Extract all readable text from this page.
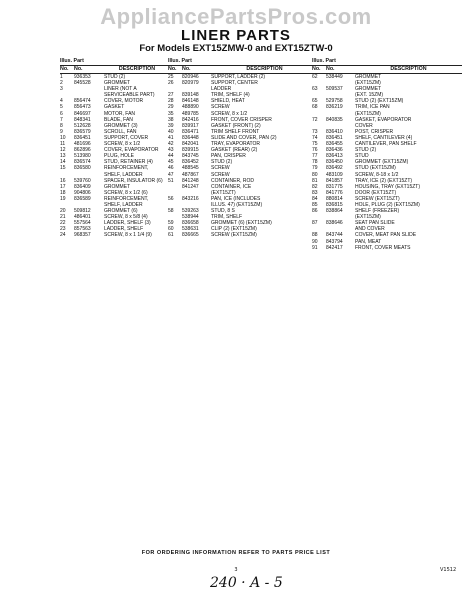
AppliancePartsPros.com
LINER PARTS
For Models EXT15ZMW-0 and EXT15ZTW-0
Illus. Part
No.	No.	DESCRIPTION
1	936353	STUD (2)
2	845528	GROMMET
3	LINER (NOT A
SERVICEABLE PART)
4	856474	COVER, MOTOR
5	856473	GASKET
6	846697	MOTOR, FAN
7	848341	BLADE, FAN
8	512628	GROMMET (3)
9	836579	SCROLL, FAN
10	836451	SUPPORT, COVER
11	481696	SCREW, 8 x 1/2
12	862896	COVER, EVAPORATOR
13	513980	PLUG, HOLE
14	836574	STUD, RETAINER (4)
15	836580	REINFORCEMENT,
SHELF, LADDER
16	539760	SPACER, INSULATOR (6)
17	836409	GROMMET
18	904806	SCREW, 8 x 1/2 (6)
19	836589	REINFORCEMENT,
SHELF, LADDER
20	509812	GROMMET (6)
21	486401	SCREW, 8 x 5/8 (4)
22	557564	LADDER, SHELF (3)
23	857563	LADDER, SHELF
24	968357	SCREW, 8 x 1 1/4 (9)
Illus. Part
No.	No.	DESCRIPTION
25	820946	SUPPORT, LADDER (2)
26	820979	SUPPORT, CENTER
LADDER
27	839148	TRIM, SHELF (4)
28	846148	SHIELD, HEAT
29	488890	SCREW
35	489785	SCREW, 8 x 1/2
38	842416	FRONT, COVER CRISPER
39	839917	GASKET (FRONT) (2)
40	836471	TRIM SHELF FRONT
41	836448	SLIDE AND COVER, PAN (2)
42	842041	TRAY, EVAPORATOR
43	839915	GASKET (REAR) (2)
44	843745	PAN, CRISPER
45	836452	STUD (2)
46	488545	SCREW
47	487867	SCREW
51	841248	CONTAINER, ROD
841247	CONTAINER, ICE
(EXT15ZT)
56	843216	PAN, ICE (INCLUDES
ILLUS. 47) (EXT15ZM)
58	539263	STUD, 8 S
538944	TRIM, SHELF
59	836658	GROMMET (6) (EXT15ZM)
60	538631	CLIP (2) (EXT15ZM)
61	836665	SCREW (EXT15ZM)
Illus. Part
No.	No.	DESCRIPTION
62	538449	GROMMET
(EXT15ZM)
63	509537	GROMMET
(EXT. 15ZM)
65	529758	STUD (2) (EXT15ZM)
68	836219	TRIM, ICE PAN
(EXT15ZM)
72	840835	GASKET, EVAPORATOR
COVER
73	836410	POST, CRISPER
74	836451	SHELF, CANTILEVER (4)
75	836455	CANTILEVER, PAN SHELF
76	836436	STUD (2)
77	836413	STUD
78	836450	GROMMET (EXT15ZM)
79	836492	STUD (EXT15ZM)
80	483109	SCREW, 8-18 x 1/2
81	841857	TRAY, ICE (2) (EXT15ZT)
82	831775	HOUSING, TRAY (EXT15ZT)
83	841776	DOOR (EXT15ZT)
84	880814	SCREW (EXT15ZT)
85	836815	HOLE, PLUG (2) (EXT15ZM)
86	838864	SHELF (FREEZER)
(EXT15ZM)
87	838646	SEAT PAN SLIDE
AND COVER
88	843744	COVER, MEAT PAN SLIDE
90	843794	PAN, MEAT
91	842417	FRONT, COVER MEATS
FOR ORDERING INFORMATION REFER TO PARTS PRICE LIST
3
240 · A - 5
V1512
